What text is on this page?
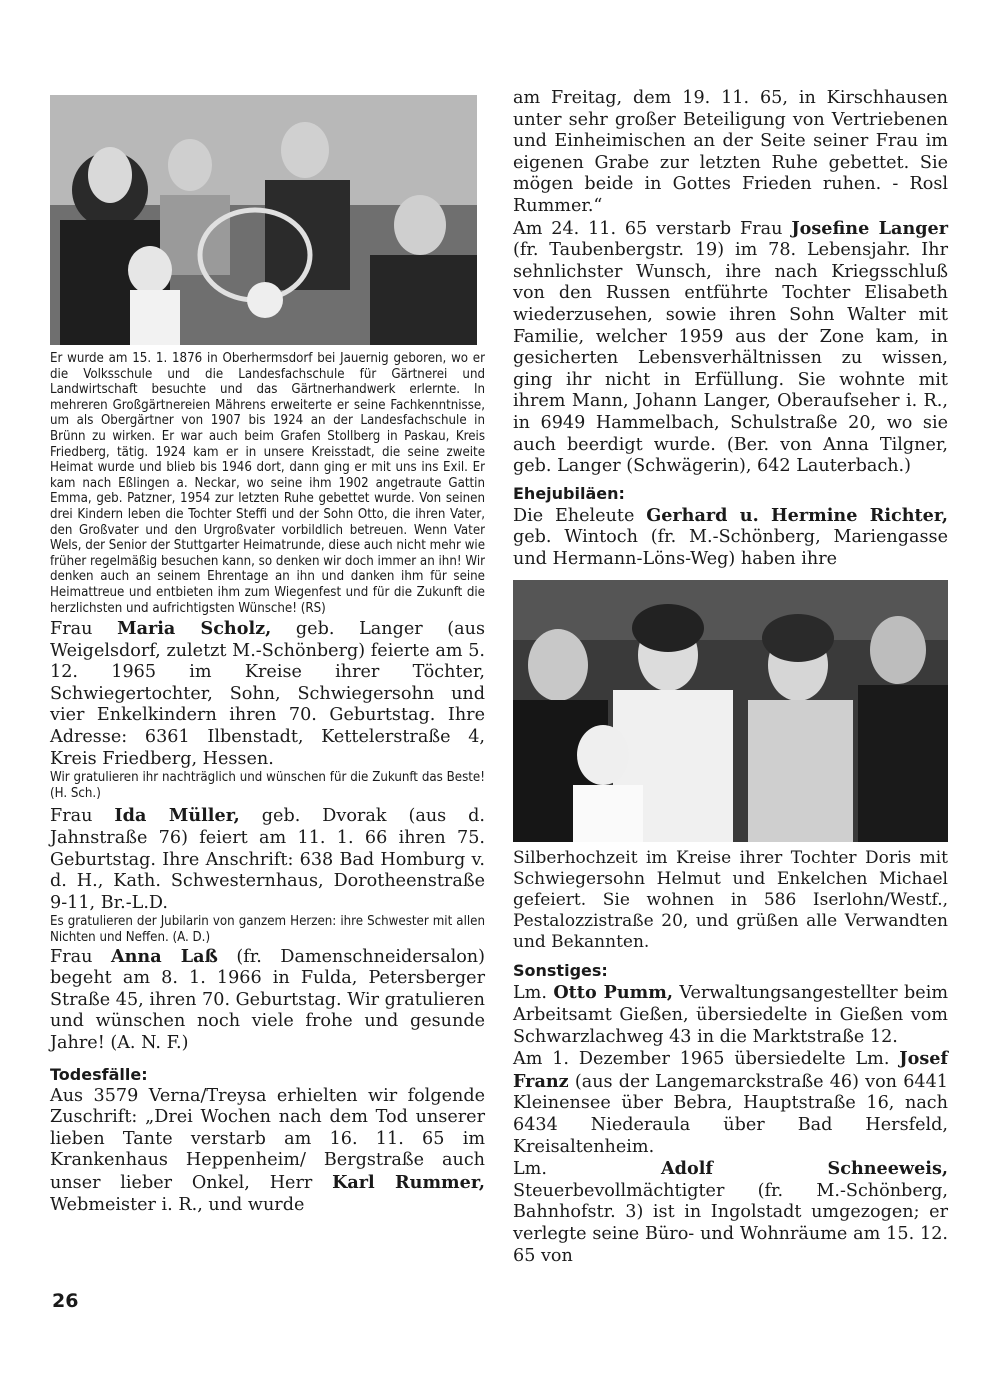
Er wurde am 15. 1. 1876 in Oberhermsdorf bei Jauernig geboren, wo er die Volksschule und die Landesfachschule für Gärtnerei und Landwirtschaft besuchte und das Gärtnerhandwerk erlernte. In mehreren Großgärtnereien Mährens erweiterte er seine Fachkenntnisse, um als Obergärtner von 1907 bis 1924 an der Landesfachschule in Brünn zu wirken. Er war auch beim Grafen Stollberg in Paskau, Kreis Friedberg, tätig. 1924 kam er in unsere Kreisstadt, die seine zweite Heimat wurde und blieb bis 1946 dort, dann ging er mit uns ins Exil. Er kam nach Eßlingen a. Neckar, wo seine ihm 1902 angetraute Gattin Emma, geb. Patzner, 1954 zur letzten Ruhe gebettet wurde. Von seinen drei Kindern leben die Tochter Steffi und der Sohn Otto, die ihren Vater, den Großvater und den Urgroßvater vorbildlich betreuen. Wenn Vater Wels, der Senior der Stuttgarter Heimatrunde, diese auch nicht mehr wie früher regelmäßig besuchen kann, so denken wir doch immer an ihn! Wir denken auch an seinem Ehrentage an ihn und danken ihm für seine Heimattreue und entbieten ihm zum Wiegenfest und für die Zukunft die herzlichsten und aufrichtigsten Wünsche! (RS)

Frau Maria Scholz, geb. Langer (aus Weigelsdorf, zuletzt M.-Schönberg) feierte am 5. 12. 1965 im Kreise ihrer Töchter, Schwiegertochter, Sohn, Schwiegersohn und vier Enkelkindern ihren 70. Geburtstag. Ihre Adresse: 6361 Ilbenstadt, Kettelerstraße 4, Kreis Friedberg, Hessen.

Wir gratulieren ihr nachträglich und wünschen für die Zukunft das Beste! (H. Sch.)

Frau Ida Müller, geb. Dvorak (aus d. Jahnstraße 76) feiert am 11. 1. 66 ihren 75. Geburtstag. Ihre Anschrift: 638 Bad Homburg v. d. H., Kath. Schwesternhaus, Dorotheenstraße 9-11, Br.-L.D.

Es gratulieren der Jubilarin von ganzem Herzen: ihre Schwester mit allen Nichten und Neffen. (A. D.)

Frau Anna Laß (fr. Damenschneidersalon) begeht am 8. 1. 1966 in Fulda, Petersberger Straße 45, ihren 70. Geburtstag. Wir gratulieren und wünschen noch viele frohe und gesunde Jahre! (A. N. F.)

Todesfälle:

Aus 3579 Verna/Treysa erhielten wir folgende Zuschrift: „Drei Wochen nach dem Tod unserer lieben Tante verstarb am 16. 11. 65 im Krankenhaus Heppenheim/ Bergstraße auch unser lieber Onkel, Herr Karl Rummer, Webmeister i. R., und wurde

am Freitag, dem 19. 11. 65, in Kirschhausen unter sehr großer Beteiligung von Vertriebenen und Einheimischen an der Seite seiner Frau im eigenen Grabe zur letzten Ruhe gebettet. Sie mögen beide in Gottes Frieden ruhen. - Rosl Rummer.“

Am 24. 11. 65 verstarb Frau Josefine Langer (fr. Taubenbergstr. 19) im 78. Lebensjahr. Ihr sehnlichster Wunsch, ihre nach Kriegsschluß von den Russen entführte Tochter Elisabeth wiederzusehen, sowie ihren Sohn Walter mit Familie, welcher 1959 aus der Zone kam, in gesicherten Lebensverhältnissen zu wissen, ging ihr nicht in Erfüllung. Sie wohnte mit ihrem Mann, Johann Langer, Oberaufseher i. R., in 6949 Hammelbach, Schulstraße 20, wo sie auch beerdigt wurde. (Ber. von Anna Tilgner, geb. Langer (Schwägerin), 642 Lauterbach.)

Ehejubiläen:

Die Eheleute Gerhard u. Hermine Richter, geb. Wintoch (fr. M.-Schönberg, Mariengasse und Hermann-Löns-Weg) haben ihre

Silberhochzeit im Kreise ihrer Tochter Doris mit Schwiegersohn Helmut und Enkelchen Michael gefeiert. Sie wohnen in 586 Iserlohn/Westf., Pestalozzistraße 20, und grüßen alle Verwandten und Bekannten.

Sonstiges:

Lm. Otto Pumm, Verwaltungsangestellter beim Arbeitsamt Gießen, übersiedelte in Gießen vom Schwarzlachweg 43 in die Marktstraße 12.

Am 1. Dezember 1965 übersiedelte Lm. Josef Franz (aus der Langemarckstraße 46) von 6441 Kleinensee über Bebra, Hauptstraße 16, nach 6434 Niederaula über Bad Hersfeld, Kreisaltenheim.

Lm. Adolf Schneeweis, Steuerbevollmächtigter (fr. M.-Schönberg, Bahnhofstr. 3) ist in Ingolstadt umgezogen; er verlegte seine Büro- und Wohnräume am 15. 12. 65 von

26
